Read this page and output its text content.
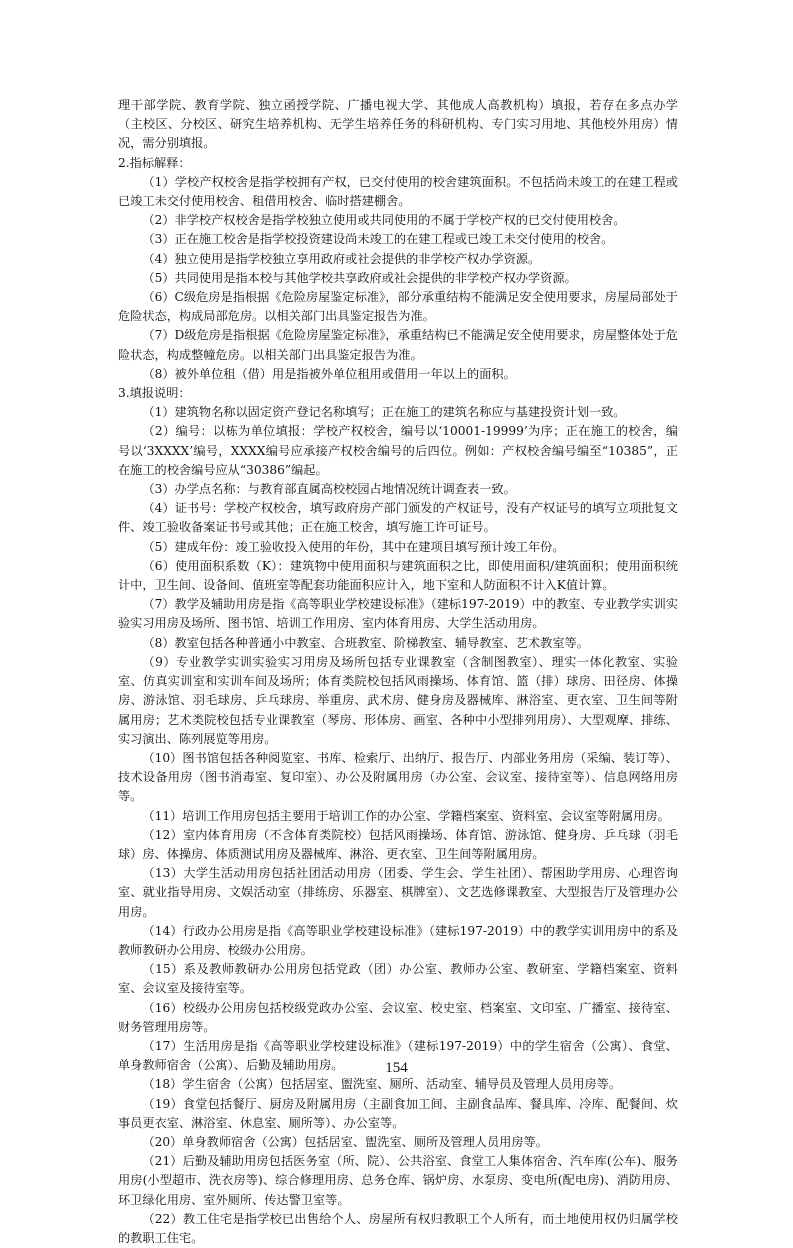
理干部学院、教育学院、独立函授学院、广播电视大学、其他成人高教机构）填报，若存在多点办学（主校区、分校区、研究生培养机构、无学生培养任务的科研机构、专门实习用地、其他校外用房）情况，需分别填报。

2.指标解释：

（1）学校产权校舍是指学校拥有产权，已交付使用的校舍建筑面积。不包括尚未竣工的在建工程或已竣工未交付使用校舍、租借用校舍、临时搭建棚舍。

（2）非学校产权校舍是指学校独立使用或共同使用的不属于学校产权的已交付使用校舍。

（3）正在施工校舍是指学校投资建设尚未竣工的在建工程或已竣工未交付使用的校舍。

（4）独立使用是指学校独立享用政府或社会提供的非学校产权办学资源。

（5）共同使用是指本校与其他学校共享政府或社会提供的非学校产权办学资源。

（6）C级危房是指根据《危险房屋鉴定标准》，部分承重结构不能满足安全使用要求，房屋局部处于危险状态，构成局部危房。以相关部门出具鉴定报告为准。

（7）D级危房是指根据《危险房屋鉴定标准》，承重结构已不能满足安全使用要求，房屋整体处于危险状态，构成整幢危房。以相关部门出具鉴定报告为准。

（8）被外单位租（借）用是指被外单位租用或借用一年以上的面积。

3.填报说明：

（1）建筑物名称以固定资产登记名称填写；正在施工的建筑名称应与基建投资计划一致。

（2）编号：以栋为单位填报：学校产权校舍，编号以‘10001-19999’为序；正在施工的校舍，编号以‘3XXXX’编号，XXXX编号应承接产权校舍编号的后四位。例如：产权校舍编号编至“10385”，正在施工的校舍编号应从“30386”编起。

（3）办学点名称：与教育部直属高校校园占地情况统计调查表一致。

（4）证书号：学校产权校舍，填写政府房产部门颁发的产权证号，没有产权证号的填写立项批复文件、竣工验收备案证书号或其他；正在施工校舍，填写施工许可证号。

（5）建成年份：竣工验收投入使用的年份，其中在建项目填写预计竣工年份。

（6）使用面积系数（K）：建筑物中使用面积与建筑面积之比，即使用面积/建筑面积；使用面积统计中，卫生间、设备间、值班室等配套功能面积应计入，地下室和人防面积不计入K值计算。

（7）教学及辅助用房是指《高等职业学校建设标准》（建标197-2019）中的教室、专业教学实训实验实习用房及场所、图书馆、培训工作用房、室内体育用房、大学生活动用房。

（8）教室包括各种普通小中教室、合班教室、阶梯教室、辅导教室、艺术教室等。

（9）专业教学实训实验实习用房及场所包括专业课教室（含制图教室）、理实一体化教室、实验室、仿真实训室和实训车间及场所；体育类院校包括风雨操场、体育馆、篮（排）球房、田径房、体操房、游泳馆、羽毛球房、乒乓球房、举重房、武术房、健身房及器械库、淋浴室、更衣室、卫生间等附属用房；艺术类院校包括专业课教室（琴房、形体房、画室、各种中小型排列用房）、大型观摩、排练、实习演出、陈列展览等用房。

（10）图书馆包括各种阅览室、书库、检索厅、出纳厅、报告厅、内部业务用房（采编、装订等）、技术设备用房（图书消毒室、复印室）、办公及附属用房（办公室、会议室、接待室等）、信息网络用房等。

（11）培训工作用房包括主要用于培训工作的办公室、学籍档案室、资料室、会议室等附属用房。

（12）室内体育用房（不含体育类院校）包括风雨操场、体育馆、游泳馆、健身房、乒乓球（羽毛球）房、体操房、体质测试用房及器械库、淋浴、更衣室、卫生间等附属用房。

（13）大学生活动用房包括社团活动用房（团委、学生会、学生社团）、帮困助学用房、心理咨询室、就业指导用房、文娱活动室（排练房、乐器室、棋牌室）、文艺选修课教室、大型报告厅及管理办公用房。

（14）行政办公用房是指《高等职业学校建设标准》（建标197-2019）中的教学实训用房中的系及教师教研办公用房、校级办公用房。

（15）系及教师教研办公用房包括党政（团）办公室、教师办公室、教研室、学籍档案室、资料室、会议室及接待室等。

（16）校级办公用房包括校级党政办公室、会议室、校史室、档案室、文印室、广播室、接待室、财务管理用房等。

（17）生活用房是指《高等职业学校建设标准》（建标197-2019）中的学生宿舍（公寓）、食堂、单身教师宿舍（公寓）、后勤及辅助用房。

（18）学生宿舍（公寓）包括居室、盥洗室、厕所、活动室、辅导员及管理人员用房等。

（19）食堂包括餐厅、厨房及附属用房（主副食加工间、主副食品库、餐具库、冷库、配餐间、炊事员更衣室、淋浴室、休息室、厕所等）、办公室等。

（20）单身教师宿舍（公寓）包括居室、盥洗室、厕所及管理人员用房等。

（21）后勤及辅助用房包括医务室（所、院）、公共浴室、食堂工人集体宿舍、汽车库(公车)、服务用房(小型超市、洗衣房等)、综合修理用房、总务仓库、锅炉房、水泵房、变电所(配电房)、消防用房、环卫绿化用房、室外厕所、传达警卫室等。

（22）教工住宅是指学校已出售给个人、房屋所有权归教职工个人所有，而土地使用权仍归属学校的教职工住宅。

154
